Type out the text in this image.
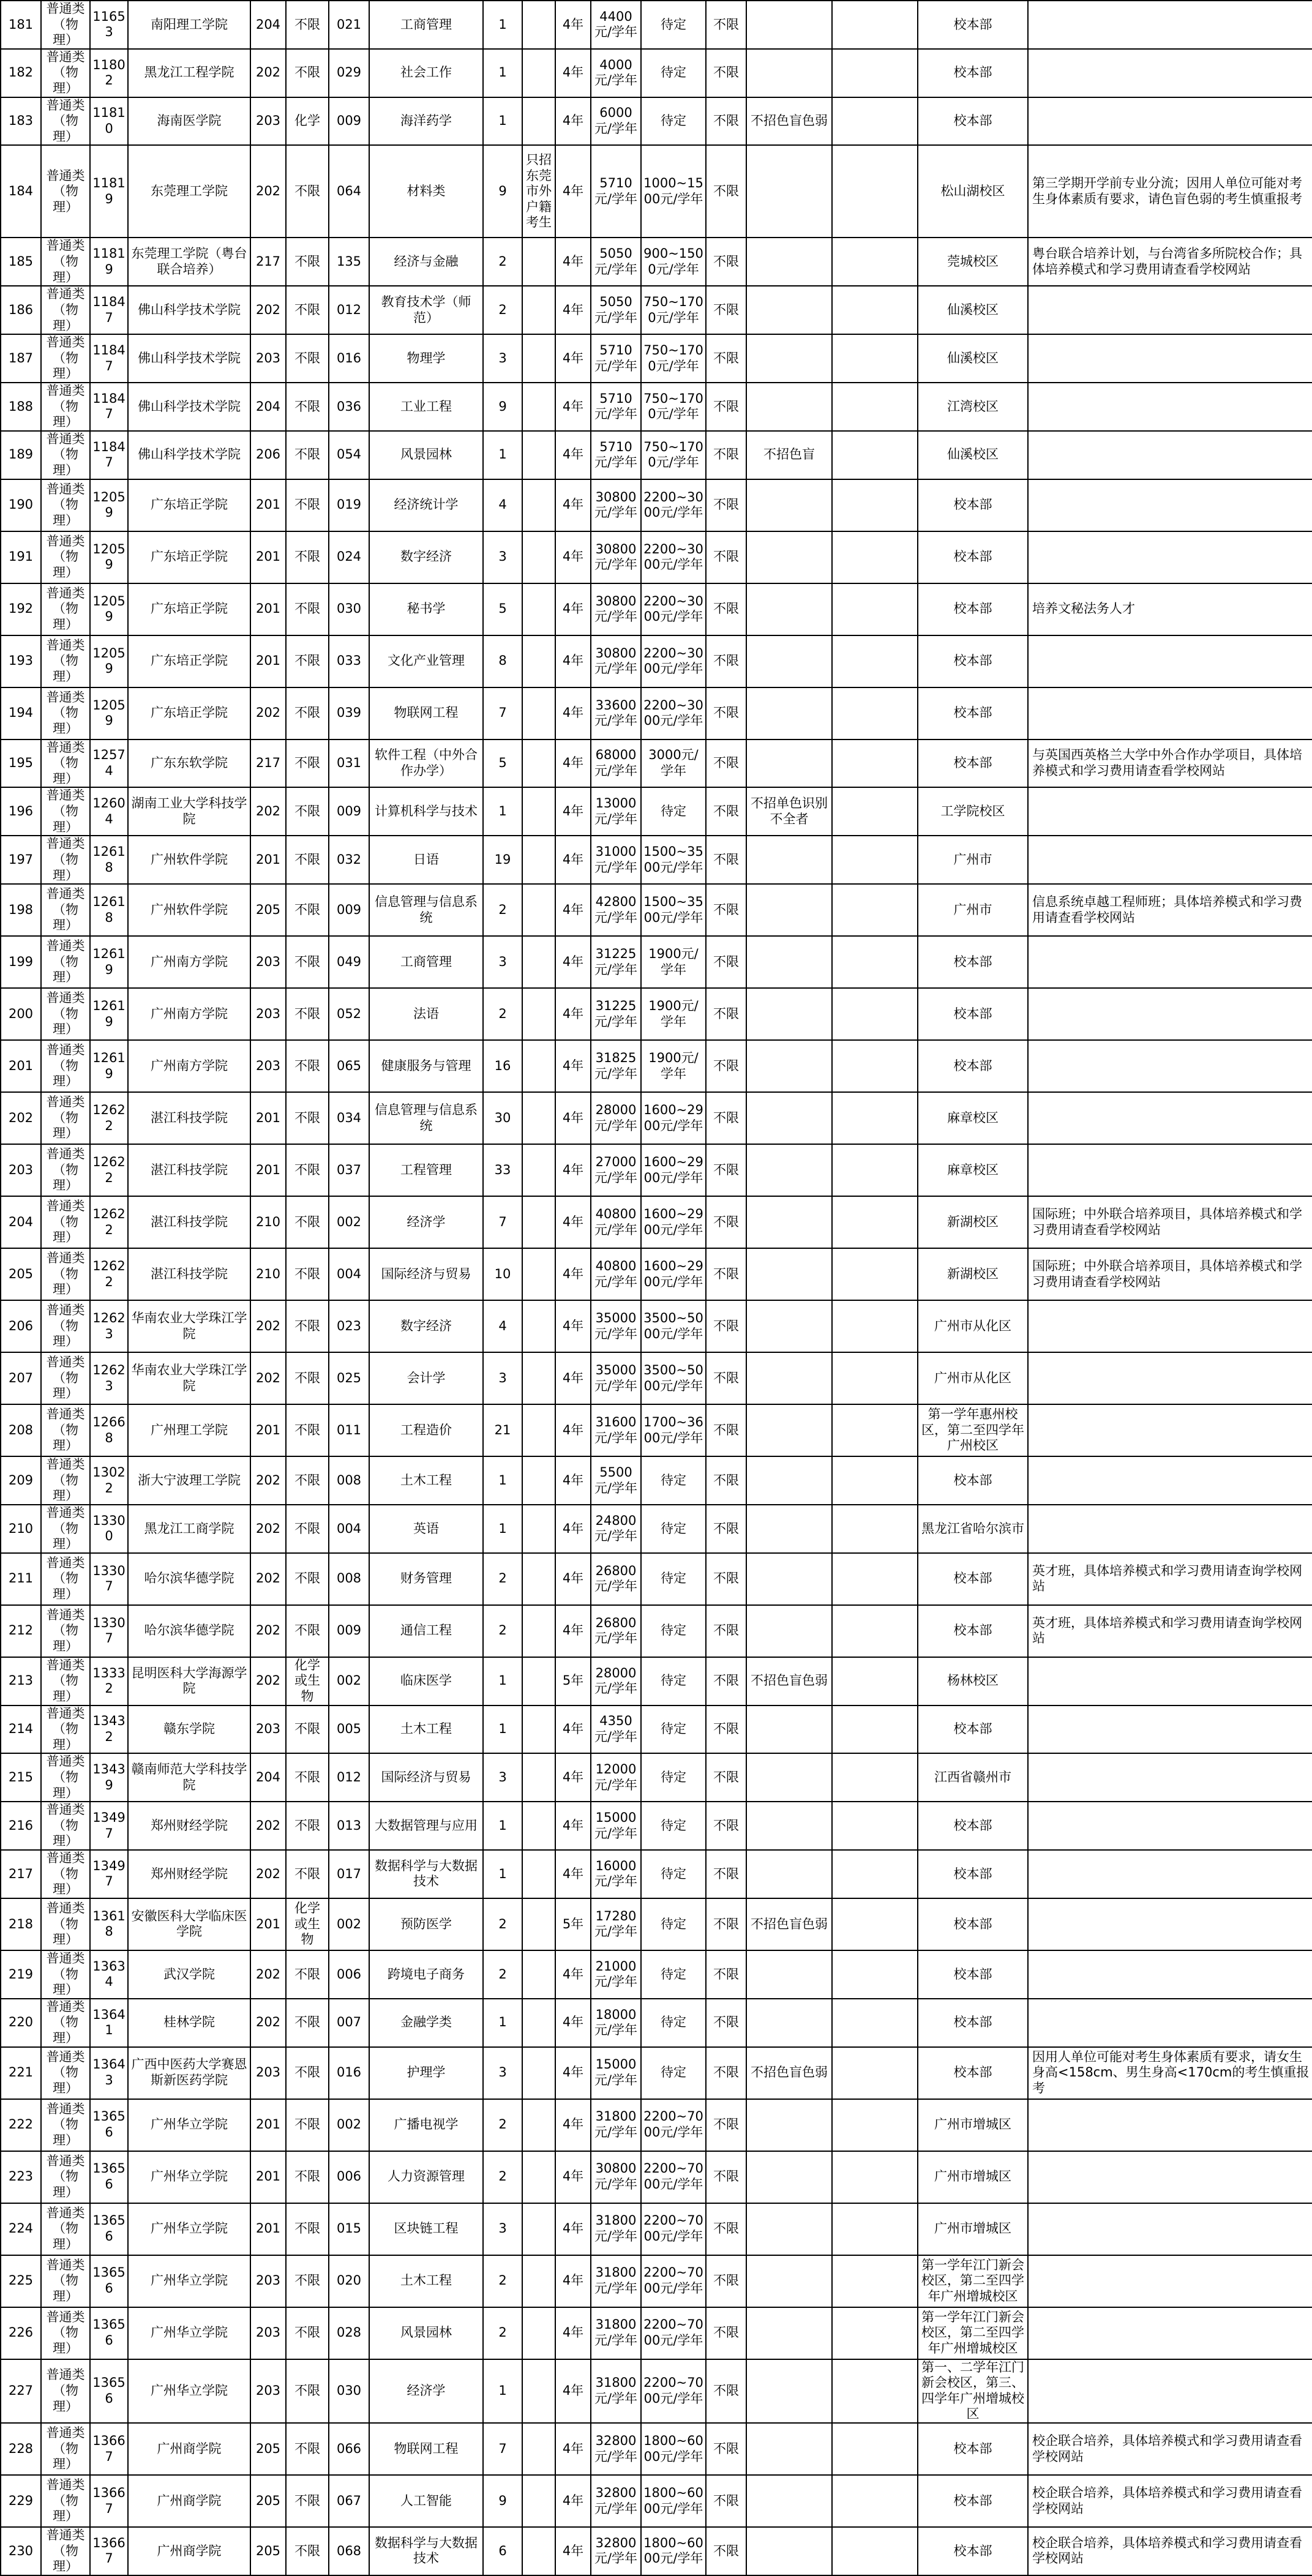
181	普通类（物理）	11653	南阳理工学院	204	不限	021	工商管理	1		4年	4400元/学年	待定	不限			校本部	
182	普通类（物理）	11802	黑龙江工程学院	202	不限	029	社会工作	1		4年	4000元/学年	待定	不限			校本部	
183	普通类（物理）	11810	海南医学院	203	化学	009	海洋药学	1		4年	6000元/学年	待定	不限	不招色盲色弱		校本部	
184	普通类（物理）	11819	东莞理工学院	202	不限	064	材料类	9	只招东莞市外户籍考生	4年	5710元/学年	1000~1500元/学年	不限			松山湖校区	第三学期开学前专业分流；因用人单位可能对考生身体素质有要求，请色盲色弱的考生慎重报考
185	普通类（物理）	11819	东莞理工学院（粤台联合培养）	217	不限	135	经济与金融	2		4年	5050元/学年	900~1500元/学年	不限			莞城校区	粤台联合培养计划，与台湾省多所院校合作；具体培养模式和学习费用请查看学校网站
186	普通类（物理）	11847	佛山科学技术学院	202	不限	012	教育技术学（师范）	2		4年	5050元/学年	750~1700元/学年	不限			仙溪校区	
187	普通类（物理）	11847	佛山科学技术学院	203	不限	016	物理学	3		4年	5710元/学年	750~1700元/学年	不限			仙溪校区	
188	普通类（物理）	11847	佛山科学技术学院	204	不限	036	工业工程	9		4年	5710元/学年	750~1700元/学年	不限			江湾校区	
189	普通类（物理）	11847	佛山科学技术学院	206	不限	054	风景园林	1		4年	5710元/学年	750~1700元/学年	不限	不招色盲		仙溪校区	
190	普通类（物理）	12059	广东培正学院	201	不限	019	经济统计学	4		4年	30800元/学年	2200~3000元/学年	不限			校本部	
191	普通类（物理）	12059	广东培正学院	201	不限	024	数字经济	3		4年	30800元/学年	2200~3000元/学年	不限			校本部	
192	普通类（物理）	12059	广东培正学院	201	不限	030	秘书学	5		4年	30800元/学年	2200~3000元/学年	不限			校本部	培养文秘法务人才
193	普通类（物理）	12059	广东培正学院	201	不限	033	文化产业管理	8		4年	30800元/学年	2200~3000元/学年	不限			校本部	
194	普通类（物理）	12059	广东培正学院	202	不限	039	物联网工程	7		4年	33600元/学年	2200~3000元/学年	不限			校本部	
195	普通类（物理）	12574	广东东软学院	217	不限	031	软件工程（中外合作办学）	5		4年	68000元/学年	3000元/学年	不限			校本部	与英国西英格兰大学中外合作办学项目，具体培养模式和学习费用请查看学校网站
196	普通类（物理）	12604	湖南工业大学科技学院	202	不限	009	计算机科学与技术	1		4年	13000元/学年	待定	不限	不招单色识别不全者		工学院校区	
197	普通类（物理）	12618	广州软件学院	201	不限	032	日语	19		4年	31000元/学年	1500~3500元/学年	不限			广州市	
198	普通类（物理）	12618	广州软件学院	205	不限	009	信息管理与信息系统	2		4年	42800元/学年	1500~3500元/学年	不限			广州市	信息系统卓越工程师班；具体培养模式和学习费用请查看学校网站
199	普通类（物理）	12619	广州南方学院	203	不限	049	工商管理	3		4年	31225元/学年	1900元/学年	不限			校本部	
200	普通类（物理）	12619	广州南方学院	203	不限	052	法语	2		4年	31225元/学年	1900元/学年	不限			校本部	
201	普通类（物理）	12619	广州南方学院	203	不限	065	健康服务与管理	16		4年	31825元/学年	1900元/学年	不限			校本部	
202	普通类（物理）	12622	湛江科技学院	201	不限	034	信息管理与信息系统	30		4年	28000元/学年	1600~2900元/学年	不限			麻章校区	
203	普通类（物理）	12622	湛江科技学院	201	不限	037	工程管理	33		4年	27000元/学年	1600~2900元/学年	不限			麻章校区	
204	普通类（物理）	12622	湛江科技学院	210	不限	002	经济学	7		4年	40800元/学年	1600~2900元/学年	不限			新湖校区	国际班；中外联合培养项目，具体培养模式和学习费用请查看学校网站
205	普通类（物理）	12622	湛江科技学院	210	不限	004	国际经济与贸易	10		4年	40800元/学年	1600~2900元/学年	不限			新湖校区	国际班；中外联合培养项目，具体培养模式和学习费用请查看学校网站
206	普通类（物理）	12623	华南农业大学珠江学院	202	不限	023	数字经济	4		4年	35000元/学年	3500~5000元/学年	不限			广州市从化区	
207	普通类（物理）	12623	华南农业大学珠江学院	202	不限	025	会计学	3		4年	35000元/学年	3500~5000元/学年	不限			广州市从化区	
208	普通类（物理）	12668	广州理工学院	201	不限	011	工程造价	21		4年	31600元/学年	1700~3600元/学年	不限			第一学年惠州校区，第二至四学年广州校区	
209	普通类（物理）	13022	浙大宁波理工学院	202	不限	008	土木工程	1		4年	5500元/学年	待定	不限			校本部	
210	普通类（物理）	13300	黑龙江工商学院	202	不限	004	英语	1		4年	24800元/学年	待定	不限			黑龙江省哈尔滨市	
211	普通类（物理）	13307	哈尔滨华德学院	202	不限	008	财务管理	2		4年	26800元/学年	待定	不限			校本部	英才班，具体培养模式和学习费用请查询学校网站
212	普通类（物理）	13307	哈尔滨华德学院	202	不限	009	通信工程	2		4年	26800元/学年	待定	不限			校本部	英才班，具体培养模式和学习费用请查询学校网站
213	普通类（物理）	13332	昆明医科大学海源学院	202	化学或生物	002	临床医学	1		5年	28000元/学年	待定	不限	不招色盲色弱		杨林校区	
214	普通类（物理）	13432	赣东学院	203	不限	005	土木工程	1		4年	4350元/学年	待定	不限			校本部	
215	普通类（物理）	13439	赣南师范大学科技学院	204	不限	012	国际经济与贸易	3		4年	12000元/学年	待定	不限			江西省赣州市	
216	普通类（物理）	13497	郑州财经学院	202	不限	013	大数据管理与应用	1		4年	15000元/学年	待定	不限			校本部	
217	普通类（物理）	13497	郑州财经学院	202	不限	017	数据科学与大数据技术	1		4年	16000元/学年	待定	不限			校本部	
218	普通类（物理）	13618	安徽医科大学临床医学院	201	化学或生物	002	预防医学	2		5年	17280元/学年	待定	不限	不招色盲色弱		校本部	
219	普通类（物理）	13634	武汉学院	202	不限	006	跨境电子商务	2		4年	21000元/学年	待定	不限			校本部	
220	普通类（物理）	13641	桂林学院	202	不限	007	金融学类	1		4年	18000元/学年	待定	不限			校本部	
221	普通类（物理）	13643	广西中医药大学赛恩斯新医药学院	203	不限	016	护理学	3		4年	15000元/学年	待定	不限	不招色盲色弱		校本部	因用人单位可能对考生身体素质有要求，请女生身高<158cm、男生身高<170cm的考生慎重报考
222	普通类（物理）	13656	广州华立学院	201	不限	002	广播电视学	2		4年	31800元/学年	2200~7000元/学年	不限			广州市增城区	
223	普通类（物理）	13656	广州华立学院	201	不限	006	人力资源管理	2		4年	30800元/学年	2200~7000元/学年	不限			广州市增城区	
224	普通类（物理）	13656	广州华立学院	201	不限	015	区块链工程	3		4年	31800元/学年	2200~7000元/学年	不限			广州市增城区	
225	普通类（物理）	13656	广州华立学院	203	不限	020	土木工程	2		4年	31800元/学年	2200~7000元/学年	不限			第一学年江门新会校区，第二至四学年广州增城校区	
226	普通类（物理）	13656	广州华立学院	203	不限	028	风景园林	2		4年	31800元/学年	2200~7000元/学年	不限			第一学年江门新会校区，第二至四学年广州增城校区	
227	普通类（物理）	13656	广州华立学院	203	不限	030	经济学	1		4年	31800元/学年	2200~7000元/学年	不限			第一、二学年江门新会校区，第三、四学年广州增城校区	
228	普通类（物理）	13667	广州商学院	205	不限	066	物联网工程	7		4年	32800元/学年	1800~6000元/学年	不限			校本部	校企联合培养，具体培养模式和学习费用请查看学校网站
229	普通类（物理）	13667	广州商学院	205	不限	067	人工智能	9		4年	32800元/学年	1800~6000元/学年	不限			校本部	校企联合培养，具体培养模式和学习费用请查看学校网站
230	普通类（物理）	13667	广州商学院	205	不限	068	数据科学与大数据技术	6		4年	32800元/学年	1800~6000元/学年	不限			校本部	校企联合培养，具体培养模式和学习费用请查看学校网站
